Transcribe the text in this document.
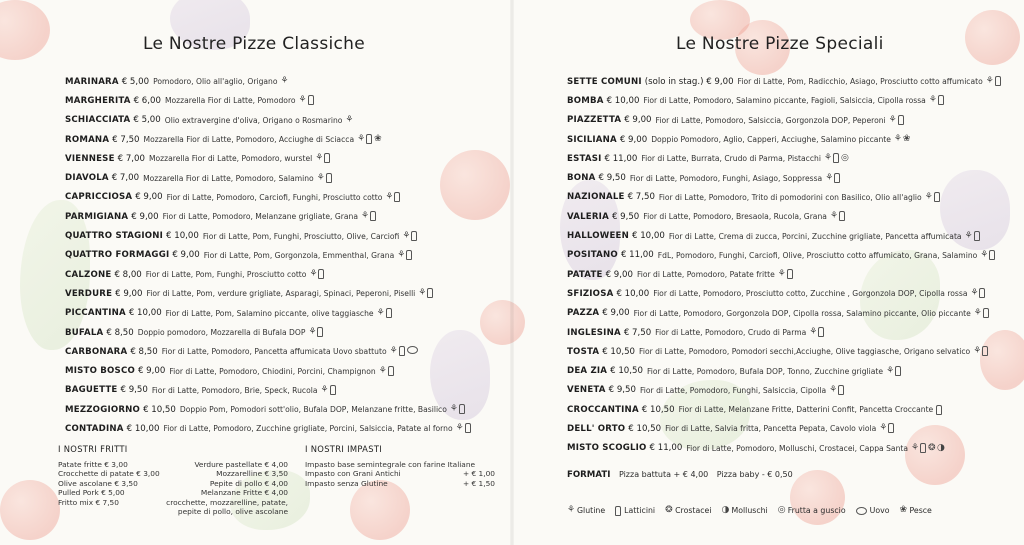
Le Nostre Pizze Classiche
MARINARA € 5,00 Pomodoro, Olio all'aglio, Origano ⚘
MARGHERITA € 6,00 Mozzarella Fior di Latte, Pomodoro ⚘
SCHIACCIATA € 5,00 Olio extravergine d'oliva, Origano o Rosmarino ⚘
ROMANA € 7,50 Mozzarella Fior di Latte, Pomodoro, Acciughe di Sciacca ⚘ ❀
VIENNESE € 7,00 Mozzarella Fior di Latte, Pomodoro, wurstel ⚘
DIAVOLA € 7,00 Mozzarella Fior di Latte, Pomodoro, Salamino ⚘
CAPRICCIOSA € 9,00 Fior di Latte, Pomodoro, Carciofi, Funghi, Prosciutto cotto ⚘
PARMIGIANA € 9,00 Fior di Latte, Pomodoro, Melanzane grigliate, Grana ⚘
QUATTRO STAGIONI € 10,00 Fior di Latte, Pom, Funghi, Prosciutto, Olive, Carciofi ⚘
QUATTRO FORMAGGI € 9,00 Fior di Latte, Pom, Gorgonzola, Emmenthal, Grana ⚘
CALZONE € 8,00 Fior di Latte, Pom, Funghi, Prosciutto cotto ⚘
VERDURE € 9,00 Fior di Latte, Pom, verdure grigliate, Asparagi, Spinaci, Peperoni, Piselli ⚘
PICCANTINA € 10,00 Fior di Latte, Pom, Salamino piccante, olive taggiasche ⚘
BUFALA € 8,50 Doppio pomodoro, Mozzarella di Bufala DOP ⚘
CARBONARA € 8,50 Fior di Latte, Pomodoro, Pancetta affumicata Uovo sbattuto ⚘
MISTO BOSCO € 9,00 Fior di Latte, Pomodoro, Chiodini, Porcini, Champignon ⚘
BAGUETTE € 9,50 Fior di Latte, Pomodoro, Brie, Speck, Rucola ⚘
MEZZOGIORNO € 10,50 Doppio Pom, Pomodori sott'olio, Bufala DOP, Melanzane fritte, Basilico ⚘
CONTADINA € 10,00 Fior di Latte, Pomodoro, Zucchine grigliate, Porcini, Salsiccia, Patate al forno ⚘
I NOSTRI FRITTI
Patate fritte € 3,00
Crocchette di patate € 3,00
Olive ascolane € 3,50
Pulled Pork € 5,00
Fritto mix € 7,50
Verdure pastellate € 4,00
Mozzarelline € 3,50
Pepite di pollo € 4,00
Melanzane Fritte € 4,00
crocchette, mozzarelline, patate,
pepite di pollo, olive ascolane
I NOSTRI IMPASTI
Impasto base semintegrale con farine Italiane
Impasto con Grani Antichi	+ € 1,00
Impasto senza Glutine	+ € 1,50
Le Nostre Pizze Speciali
SETTE COMUNI (solo in stag.) € 9,00 Fior di Latte, Pom, Radicchio, Asiago, Prosciutto cotto affumicato ⚘
BOMBA € 10,00 Fior di Latte, Pomodoro, Salamino piccante, Fagioli, Salsiccia, Cipolla rossa ⚘
PIAZZETTA € 9,00 Fior di Latte, Pomodoro, Salsiccia, Gorgonzola DOP, Peperoni ⚘
SICILIANA € 9,00 Doppio Pomodoro, Aglio, Capperi, Acciughe, Salamino piccante ⚘ ❀
ESTASI € 11,00 Fior di Latte, Burrata, Crudo di Parma, Pistacchi ⚘ ◎
BONA € 9,50 Fior di Latte, Pomodoro, Funghi, Asiago, Soppressa ⚘
NAZIONALE € 7,50 Fior di Latte, Pomodoro, Trito di pomodorini con Basilico, Olio all'aglio ⚘
VALERIA € 9,50 Fior di Latte, Pomodoro, Bresaola, Rucola, Grana ⚘
HALLOWEEN € 10,00 Fior di Latte, Crema di zucca, Porcini, Zucchine grigliate, Pancetta affumicata ⚘
POSITANO € 11,00 FdL, Pomodoro, Funghi, Carciofi, Olive, Prosciutto cotto affumicato, Grana, Salamino ⚘
PATATE € 9,00 Fior di Latte, Pomodoro, Patate fritte ⚘
SFIZIOSA € 10,00 Fior di Latte, Pomodoro, Prosciutto cotto, Zucchine , Gorgonzola DOP, Cipolla rossa ⚘
PAZZA € 9,00 Fior di Latte, Pomodoro, Gorgonzola DOP, Cipolla rossa, Salamino piccante, Olio piccante ⚘
INGLESINA € 7,50 Fior di Latte, Pomodoro, Crudo di Parma ⚘
TOSTA € 10,50 Fior di Latte, Pomodoro, Pomodori secchi,Acciughe, Olive taggiasche, Origano selvatico ⚘
DEA ZIA € 10,50 Fior di Latte, Pomodoro, Bufala DOP, Tonno, Zucchine grigliate ⚘
VENETA € 9,50 Fior di Latte, Pomodoro, Funghi, Salsiccia, Cipolla ⚘
CROCCANTINA € 10,50 Fior di Latte, Melanzane Fritte, Datterini Confit, Pancetta Croccante
DELL' ORTO € 10,50 Fior di Latte, Salvia fritta, Pancetta Pepata, Cavolo viola ⚘
MISTO SCOGLIO € 11,00 Fior di Latte, Pomodoro, Molluschi, Crostacei, Cappa Santa ⚘ ❂ ◑
FORMATI Pizza battuta + € 4,00 Pizza baby - € 0,50
⚘ Glutine Latticini ❂ Crostacei ◑ Molluschi ◎ Frutta a guscio	Uovo ❀ Pesce
